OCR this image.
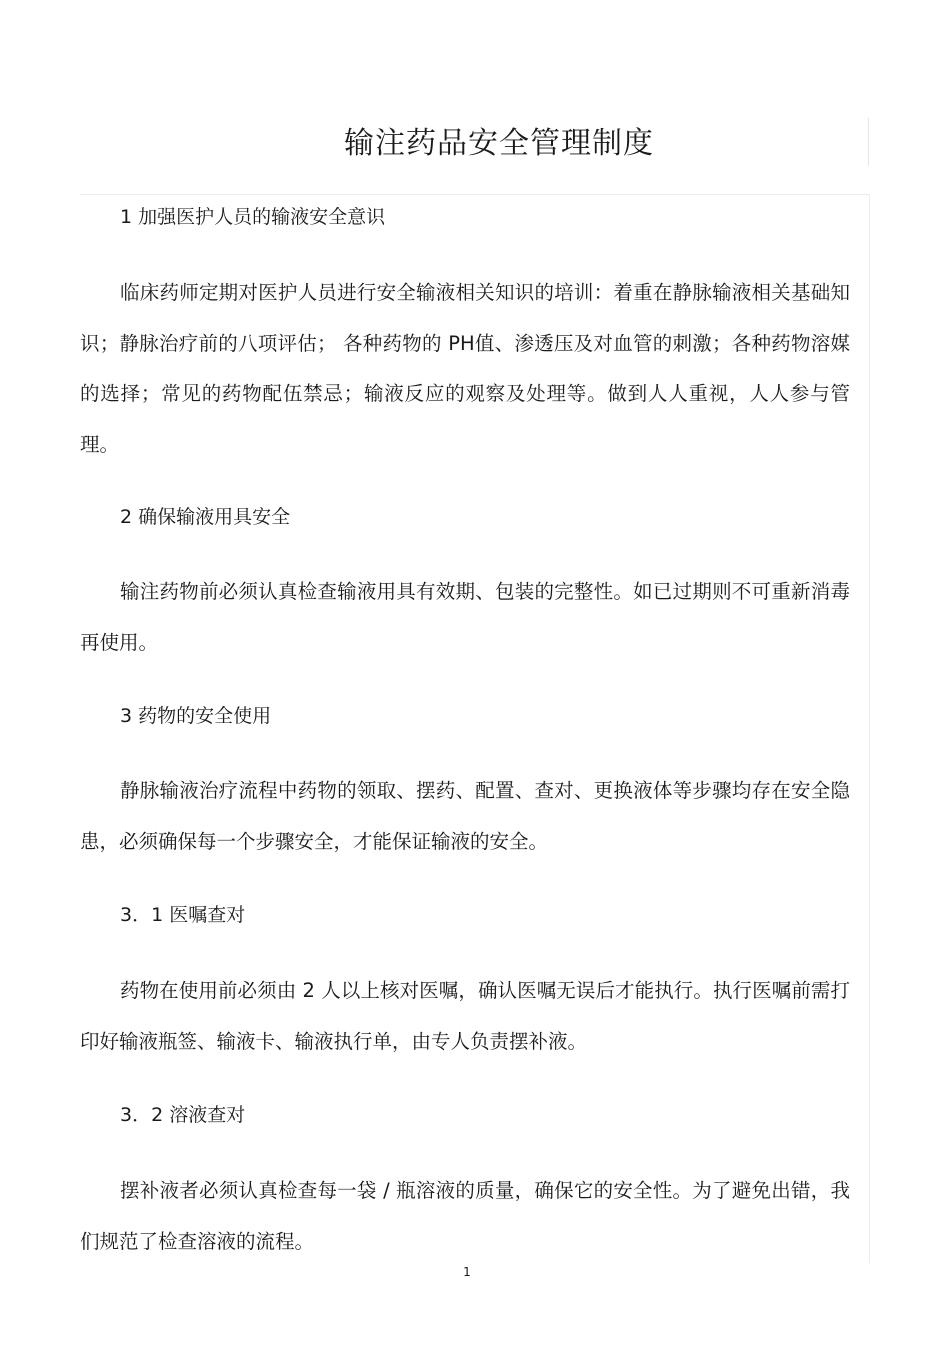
输注药品安全管理制度
1 加强医护人员的输液安全意识
临床药师定期对医护人员进行安全输液相关知识的培训：着重在静脉输液相关基础知识；静脉治疗前的八项评估； 各种药物的 PH值、渗透压及对血管的刺激；各种药物溶媒的选择；常见的药物配伍禁忌；输液反应的观察及处理等。做到人人重视，人人参与管理。
2 确保输液用具安全
输注药物前必须认真检查输液用具有效期、包装的完整性。如已过期则不可重新消毒再使用。
3 药物的安全使用
静脉输液治疗流程中药物的领取、摆药、配置、查对、更换液体等步骤均存在安全隐患，必须确保每一个步骤安全，才能保证输液的安全。
3．1 医嘱查对
药物在使用前必须由 2 人以上核对医嘱，确认医嘱无误后才能执行。执行医嘱前需打印好输液瓶签、输液卡、输液执行单，由专人负责摆补液。
3．2 溶液查对
摆补液者必须认真检查每一袋 / 瓶溶液的质量，确保它的安全性。为了避免出错，我们规范了检查溶液的流程。
1
